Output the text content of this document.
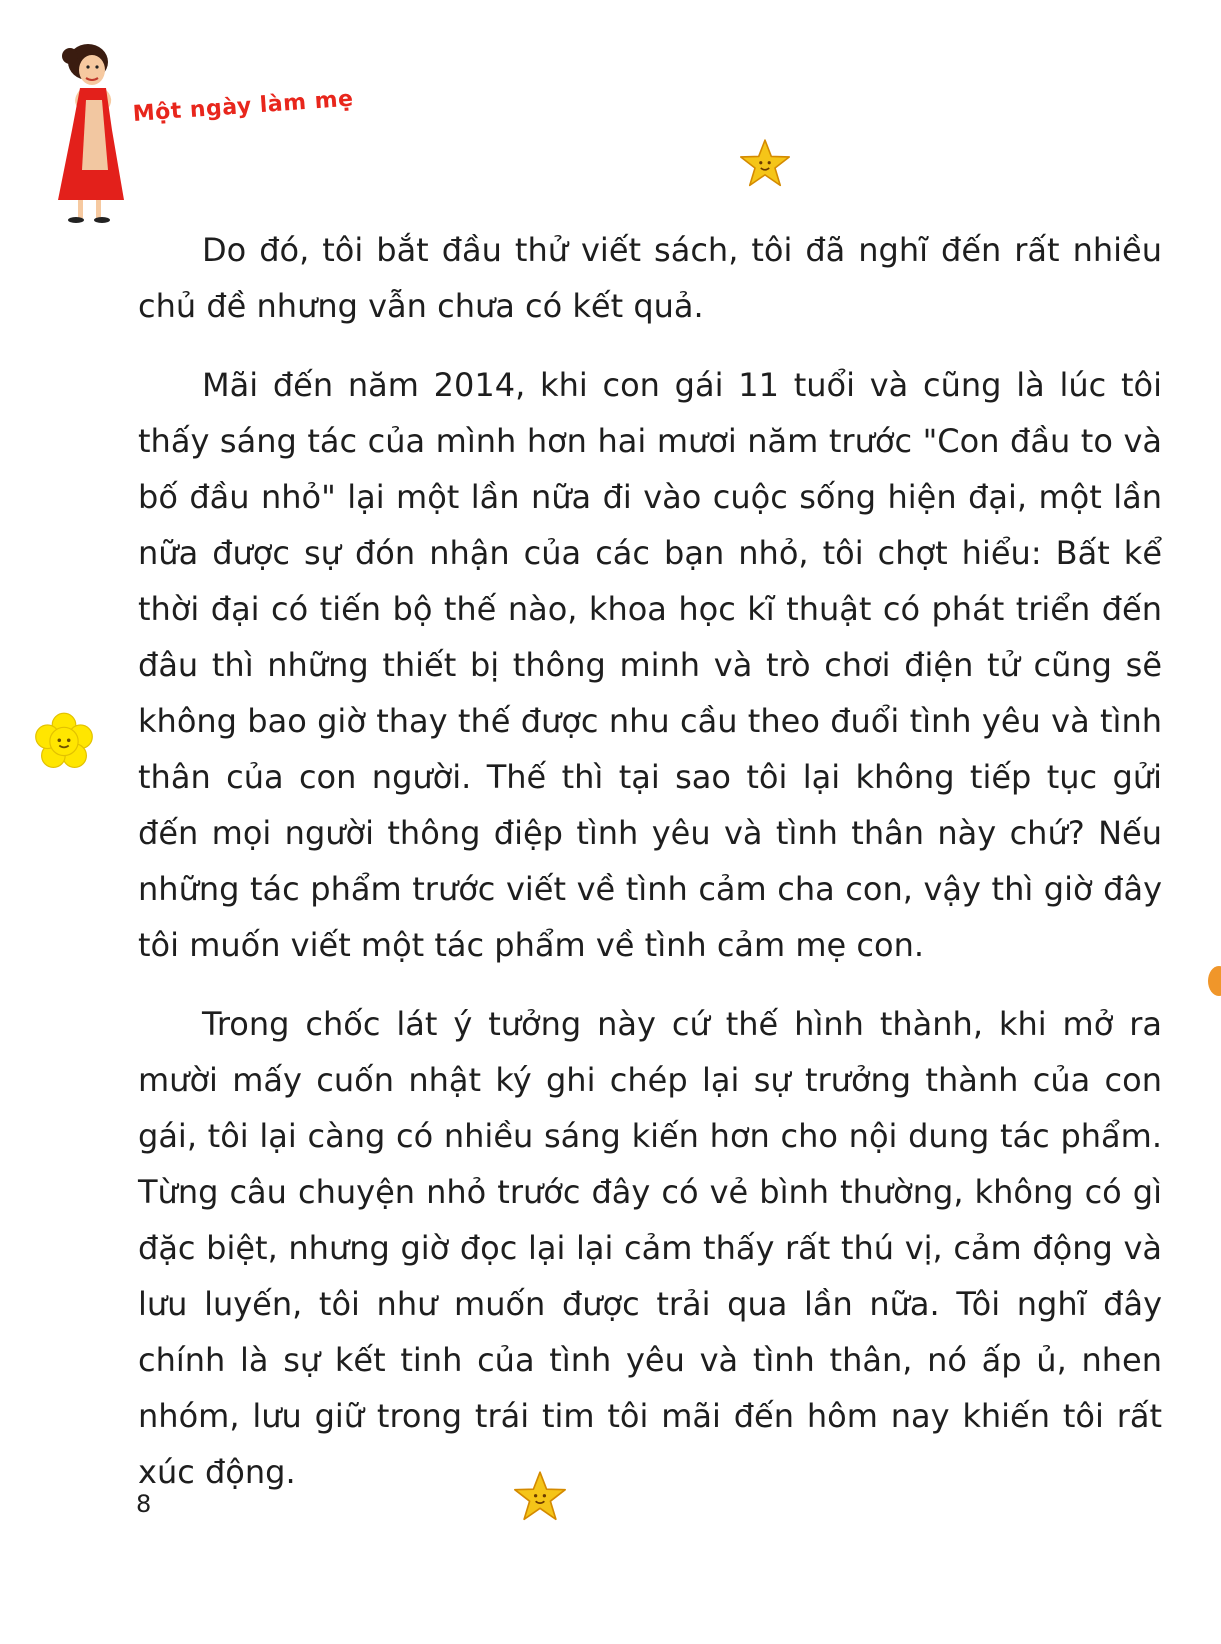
Một ngày làm mẹ

Do đó, tôi bắt đầu thử viết sách, tôi đã nghĩ đến rất nhiều chủ đề nhưng vẫn chưa có kết quả.

Mãi đến năm 2014, khi con gái 11 tuổi và cũng là lúc tôi thấy sáng tác của mình hơn hai mươi năm trước "Con đầu to và bố đầu nhỏ" lại một lần nữa đi vào cuộc sống hiện đại, một lần nữa được sự đón nhận của các bạn nhỏ, tôi chợt hiểu: Bất kể thời đại có tiến bộ thế nào, khoa học kĩ thuật có phát triển đến đâu thì những thiết bị thông minh và trò chơi điện tử cũng sẽ không bao giờ thay thế được nhu cầu theo đuổi tình yêu và tình thân của con người. Thế thì tại sao tôi lại không tiếp tục gửi đến mọi người thông điệp tình yêu và tình thân này chứ? Nếu những tác phẩm trước viết về tình cảm cha con, vậy thì giờ đây tôi muốn viết một tác phẩm về tình cảm mẹ con.

Trong chốc lát ý tưởng này cứ thế hình thành, khi mở ra mười mấy cuốn nhật ký ghi chép lại sự trưởng thành của con gái, tôi lại càng có nhiều sáng kiến hơn cho nội dung tác phẩm. Từng câu chuyện nhỏ trước đây có vẻ bình thường, không có gì đặc biệt, nhưng giờ đọc lại lại cảm thấy rất thú vị, cảm động và lưu luyến, tôi như muốn được trải qua lần nữa. Tôi nghĩ đây chính là sự kết tinh của tình yêu và tình thân, nó ấp ủ, nhen nhóm, lưu giữ trong trái tim tôi mãi đến hôm nay khiến tôi rất xúc động.

8
